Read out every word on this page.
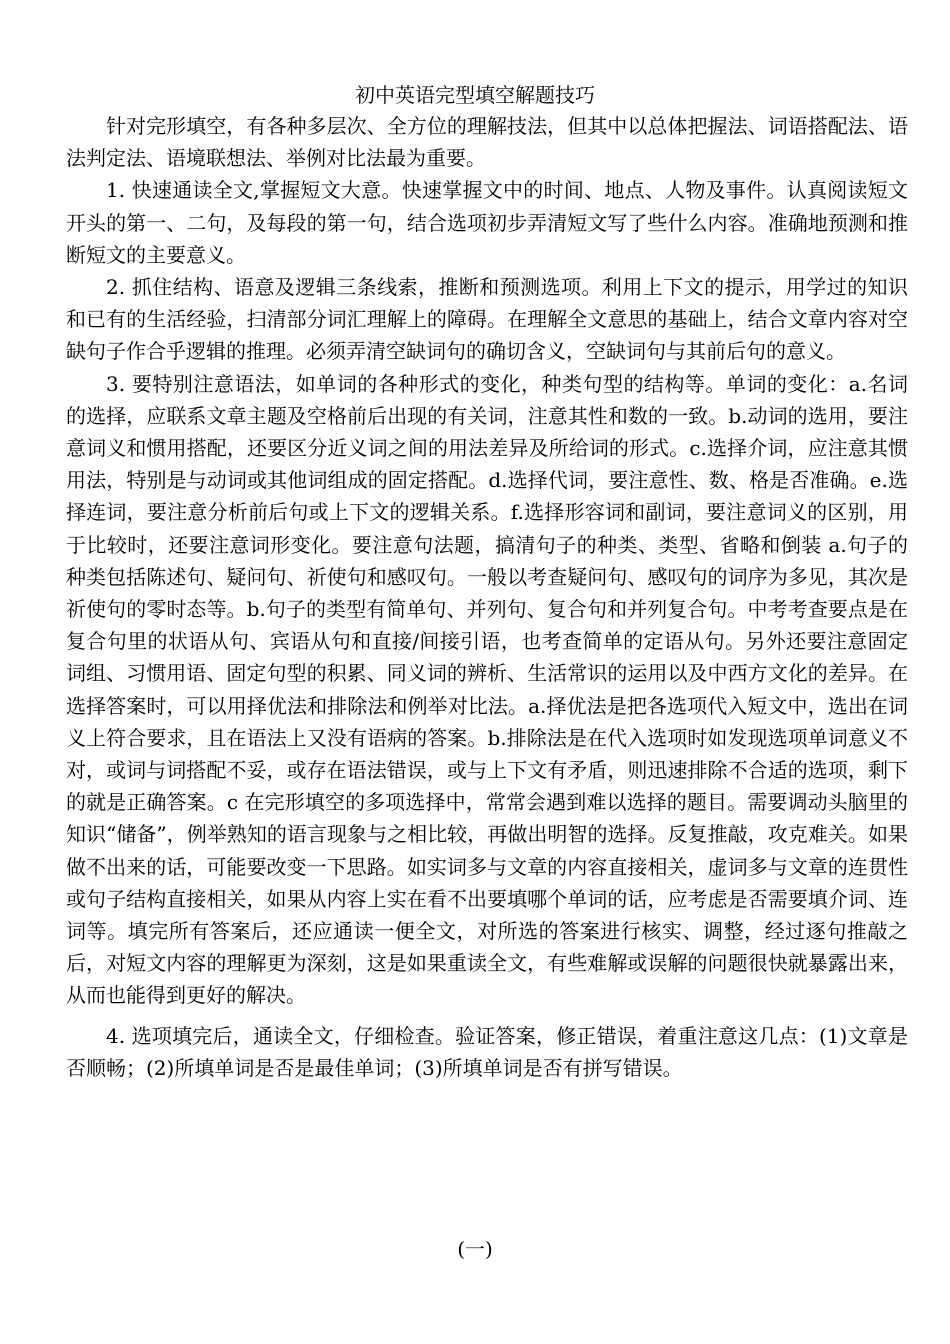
初中英语完型填空解题技巧

针对完形填空，有各种多层次、全方位的理解技法，但其中以总体把握法、词语搭配法、语法判定法、语境联想法、举例对比法最为重要。

1. 快速通读全文,掌握短文大意。快速掌握文中的时间、地点、人物及事件。认真阅读短文开头的第一、二句，及每段的第一句，结合选项初步弄清短文写了些什么内容。准确地预测和推断短文的主要意义。

2. 抓住结构、语意及逻辑三条线索，推断和预测选项。利用上下文的提示，用学过的知识和已有的生活经验，扫清部分词汇理解上的障碍。在理解全文意思的基础上，结合文章内容对空缺句子作合乎逻辑的推理。必须弄清空缺词句的确切含义，空缺词句与其前后句的意义。

3. 要特别注意语法，如单词的各种形式的变化，种类句型的结构等。单词的变化：a.名词的选择，应联系文章主题及空格前后出现的有关词，注意其性和数的一致。b.动词的选用，要注意词义和惯用搭配，还要区分近义词之间的用法差异及所给词的形式。c.选择介词，应注意其惯用法，特别是与动词或其他词组成的固定搭配。d.选择代词，要注意性、数、格是否准确。e.选择连词，要注意分析前后句或上下文的逻辑关系。f.选择形容词和副词，要注意词义的区别，用于比较时，还要注意词形变化。要注意句法题，搞清句子的种类、类型、省略和倒装 a.句子的种类包括陈述句、疑问句、祈使句和感叹句。一般以考查疑问句、感叹句的词序为多见，其次是祈使句的零时态等。b.句子的类型有简单句、并列句、复合句和并列复合句。中考考查要点是在复合句里的状语从句、宾语从句和直接/间接引语，也考查简单的定语从句。另外还要注意固定词组、习惯用语、固定句型的积累、同义词的辨析、生活常识的运用以及中西方文化的差异。在选择答案时，可以用择优法和排除法和例举对比法。a.择优法是把各选项代入短文中，选出在词义上符合要求，且在语法上又没有语病的答案。b.排除法是在代入选项时如发现选项单词意义不对，或词与词搭配不妥，或存在语法错误，或与上下文有矛盾，则迅速排除不合适的选项，剩下的就是正确答案。c 在完形填空的多项选择中，常常会遇到难以选择的题目。需要调动头脑里的知识“储备”，例举熟知的语言现象与之相比较，再做出明智的选择。反复推敲，攻克难关。如果做不出来的话，可能要改变一下思路。如实词多与文章的内容直接相关，虚词多与文章的连贯性或句子结构直接相关，如果从内容上实在看不出要填哪个单词的话，应考虑是否需要填介词、连词等。填完所有答案后，还应通读一便全文，对所选的答案进行核实、调整，经过逐句推敲之后，对短文内容的理解更为深刻，这是如果重读全文，有些难解或误解的问题很快就暴露出来，从而也能得到更好的解决。

4. 选项填完后，通读全文，仔细检查。验证答案，修正错误，着重注意这几点：(1)文章是否顺畅；(2)所填单词是否是最佳单词；(3)所填单词是否有拼写错误。

(一)
